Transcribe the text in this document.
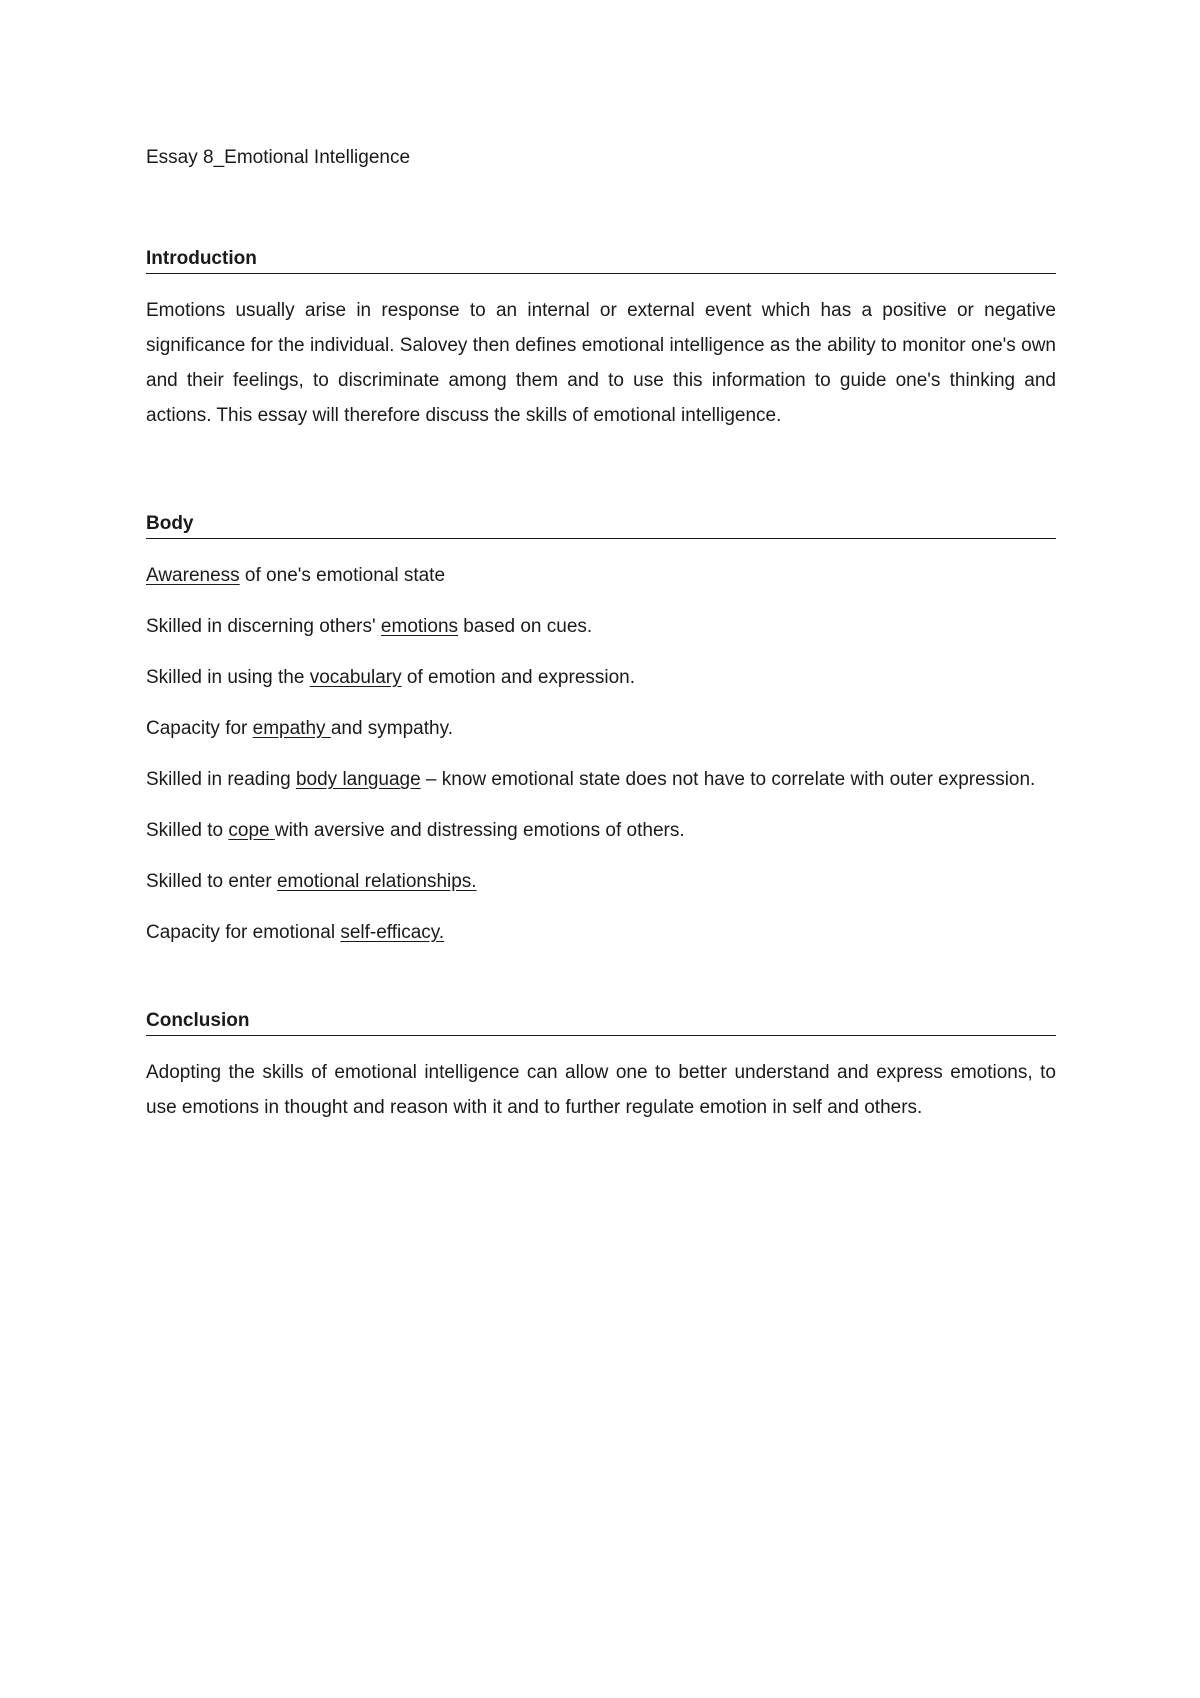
Essay 8_Emotional Intelligence

Introduction

Emotions usually arise in response to an internal or external event which has a positive or negative significance for the individual. Salovey then defines emotional intelligence as the ability to monitor one's own and their feelings, to discriminate among them and to use this information to guide one's thinking and actions. This essay will therefore discuss the skills of emotional intelligence.

Body

Awareness of one's emotional state

Skilled in discerning others' emotions based on cues.

Skilled in using the vocabulary of emotion and expression.

Capacity for empathy and sympathy.

Skilled in reading body language – know emotional state does not have to correlate with outer expression.

Skilled to cope with aversive and distressing emotions of others.

Skilled to enter emotional relationships.

Capacity for emotional self-efficacy.

Conclusion

Adopting the skills of emotional intelligence can allow one to better understand and express emotions, to use emotions in thought and reason with it and to further regulate emotion in self and others.
